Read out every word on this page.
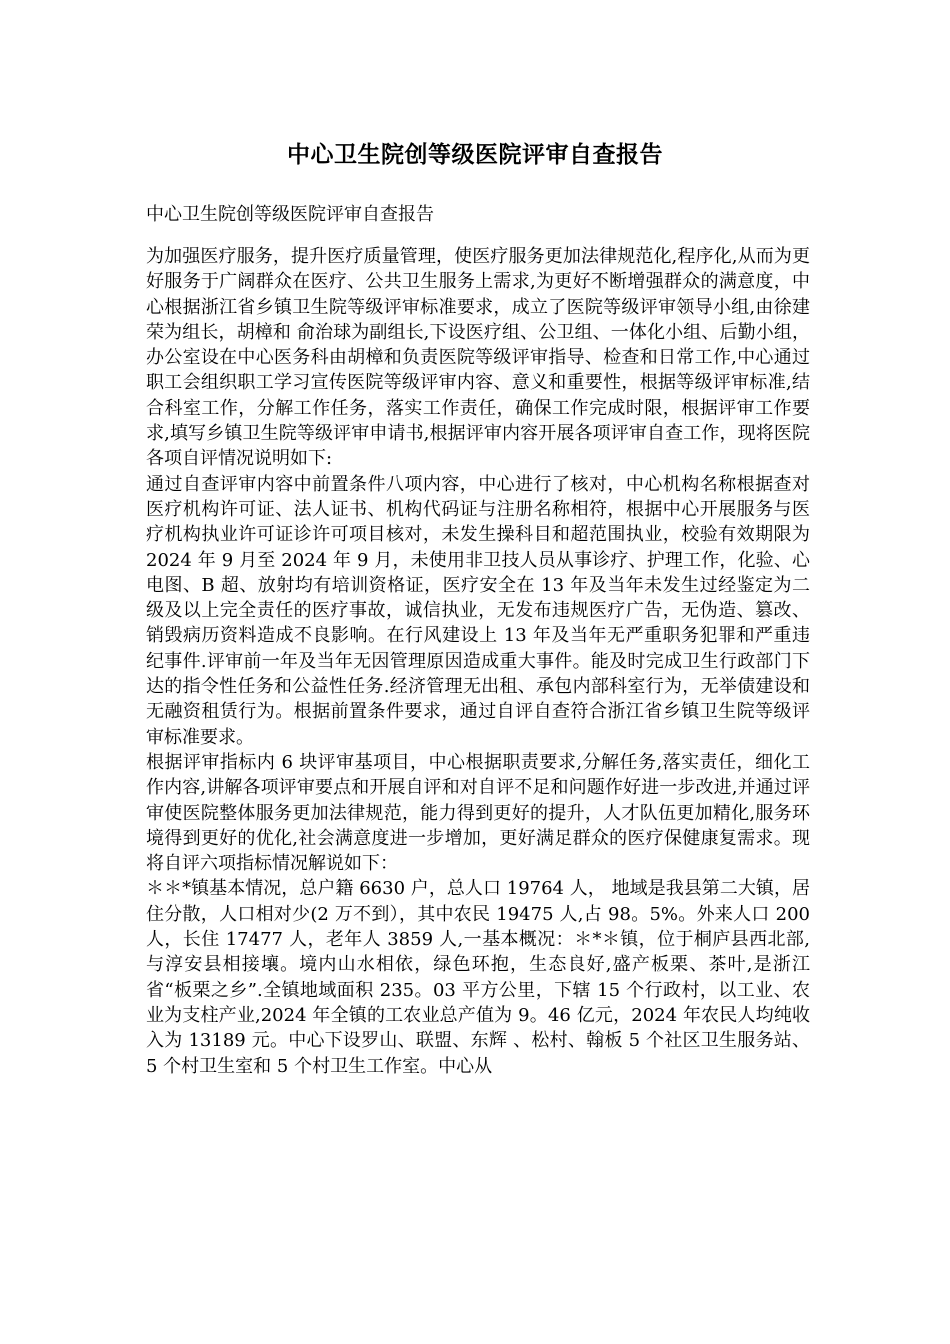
中心卫生院创等级医院评审自查报告
中心卫生院创等级医院评审自查报告

为加强医疗服务，提升医疗质量管理，使医疗服务更加法律规范化,程序化,从而为更好服务于广阔群众在医疗、公共卫生服务上需求,为更好不断增强群众的满意度，中心根据浙江省乡镇卫生院等级评审标准要求，成立了医院等级评审领导小组,由徐建荣为组长，胡樟和 俞治球为副组长,下设医疗组、公卫组、一体化小组、后勤小组，办公室设在中心医务科由胡樟和负责医院等级评审指导、检查和日常工作,中心通过职工会组织职工学习宣传医院等级评审内容、意义和重要性，根据等级评审标准,结合科室工作，分解工作任务，落实工作责任，确保工作完成时限，根据评审工作要求,填写乡镇卫生院等级评审申请书,根据评审内容开展各项评审自查工作，现将医院各项自评情况说明如下:

通过自查评审内容中前置条件八项内容，中心进行了核对，中心机构名称根据查对医疗机构许可证、法人证书、机构代码证与注册名称相符，根据中心开展服务与医疗机构执业许可证诊许可项目核对，未发生操科目和超范围执业，校验有效期限为 2024 年 9 月至 2024 年 9 月，未使用非卫技人员从事诊疗、护理工作，化验、心电图、B 超、放射均有培训资格证，医疗安全在 13 年及当年未发生过经鉴定为二级及以上完全责任的医疗事故，诚信执业，无发布违规医疗广告，无伪造、篡改、销毁病历资料造成不良影响。在行风建设上 13 年及当年无严重职务犯罪和严重违纪事件.评审前一年及当年无因管理原因造成重大事件。能及时完成卫生行政部门下达的指令性任务和公益性任务.经济管理无出租、承包内部科室行为，无举债建设和无融资租赁行为。根据前置条件要求，通过自评自查符合浙江省乡镇卫生院等级评审标准要求。

根据评审指标内 6 块评审基项目，中心根据职责要求,分解任务,落实责任，细化工作内容,讲解各项评审要点和开展自评和对自评不足和问题作好进一步改进,并通过评审使医院整体服务更加法律规范，能力得到更好的提升，人才队伍更加精化,服务环境得到更好的优化,社会满意度进一步增加，更好满足群众的医疗保健康复需求。现将自评六项指标情况解说如下：

＊＊*镇基本情况，总户籍 6630 户，总人口 19764 人， 地域是我县第二大镇，居住分散，人口相对少(2 万不到），其中农民 19475 人,占 98。5%。外来人口 200 人，长住 17477 人，老年人 3859 人,一基本概况：＊*＊镇，位于桐庐县西北部,与淳安县相接壤。境内山水相依，绿色环抱，生态良好,盛产板栗、茶叶,是浙江省“板栗之乡”.全镇地域面积 235。03 平方公里，下辖 15 个行政村，以工业、农业为支柱产业,2024 年全镇的工农业总产值为 9。46 亿元，2024 年农民人均纯收入为 13189 元。中心下设罗山、联盟、东辉 、松村、翰板 5 个社区卫生服务站、5 个村卫生室和 5 个村卫生工作室。中心从
